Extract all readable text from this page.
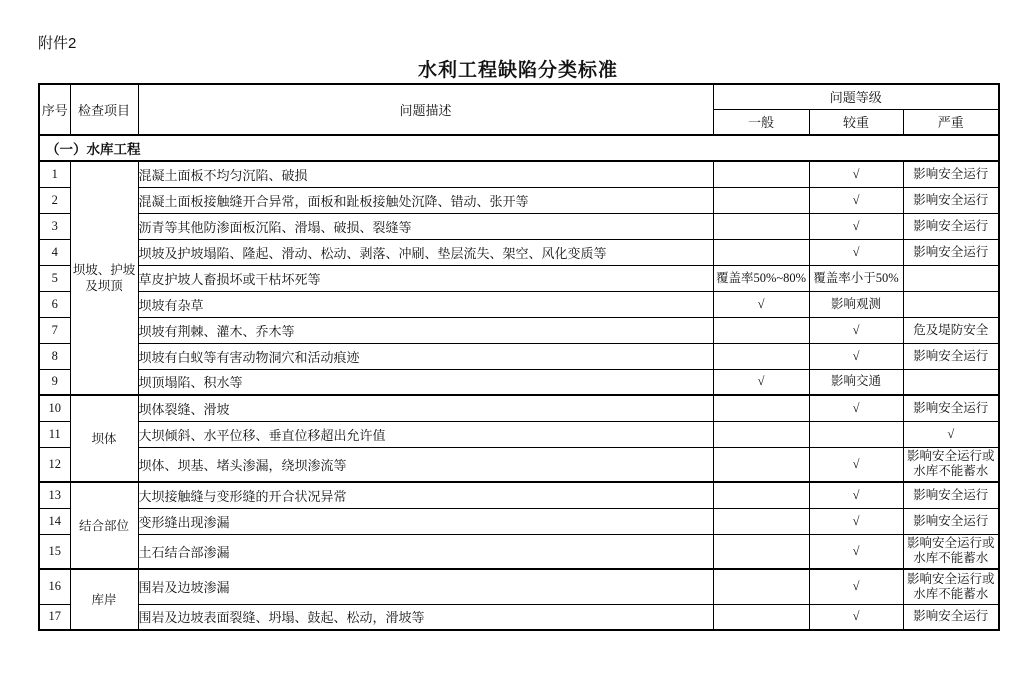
附件2
水利工程缺陷分类标准
序号	检查项目	问题描述	问题等级		
			一般	较重	严重
（一）水库工程					
1	坝坡、护坡及坝顶	混凝土面板不均匀沉陷、破损		√	影响安全运行
2		混凝土面板接触缝开合异常，面板和趾板接触处沉降、错动、张开等		√	影响安全运行
3		沥青等其他防渗面板沉陷、滑塌、破损、裂缝等		√	影响安全运行
4		坝坡及护坡塌陷、隆起、滑动、松动、剥落、冲刷、垫层流失、架空、风化变质等		√	影响安全运行
5		草皮护坡人畜损坏或干枯坏死等	覆盖率50%~80%	覆盖率小于50%	
6		坝坡有杂草	√	影响观测	
7		坝坡有荆棘、灌木、乔木等		√	危及堤防安全
8		坝坡有白蚁等有害动物洞穴和活动痕迹		√	影响安全运行
9		坝顶塌陷、积水等	√	影响交通	
10	坝体	坝体裂缝、滑坡		√	影响安全运行
11		大坝倾斜、水平位移、垂直位移超出允许值			√
12		坝体、坝基、堵头渗漏，绕坝渗流等		√	影响安全运行或水库不能蓄水
13	结合部位	大坝接触缝与变形缝的开合状况异常		√	影响安全运行
14		变形缝出现渗漏		√	影响安全运行
15		土石结合部渗漏		√	影响安全运行或水库不能蓄水
16	库岸	围岩及边坡渗漏		√	影响安全运行或水库不能蓄水
17		围岩及边坡表面裂缝、坍塌、鼓起、松动，滑坡等		√	影响安全运行
